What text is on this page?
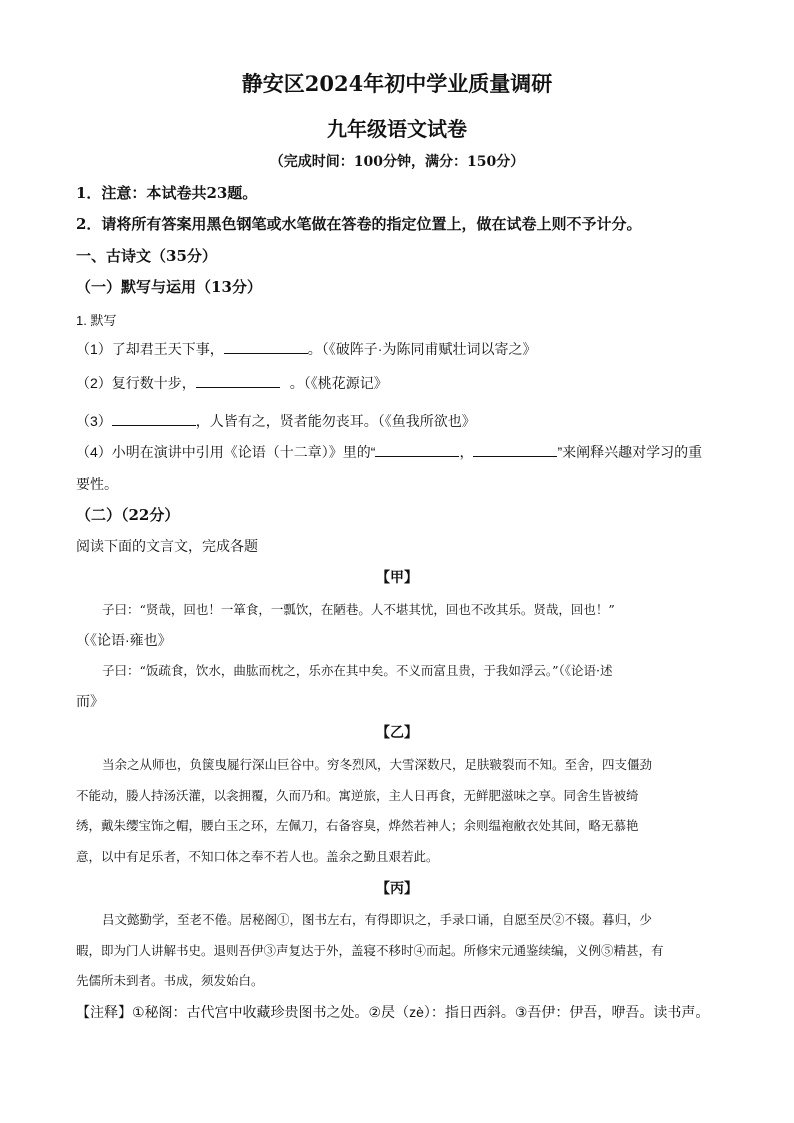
静安区2024年初中学业质量调研
九年级语文试卷
（完成时间：100分钟，满分：150分）
1．注意：本试卷共23题。
2．请将所有答案用黑色钢笔或水笔做在答卷的指定位置上，做在试卷上则不予计分。
一、古诗文（35分）
（一）默写与运用（13分）
1. 默写
（1）了却君王天下事，	。（《破阵子·为陈同甫赋壮词以寄之》
（2）复行数十步，	。（《桃花源记》
（3）	，人皆有之，贤者能勿丧耳。（《鱼我所欲也》
（4）小明在演讲中引用《论语（十二章）》里的“	，	”来阐释兴趣对学习的重
要性。
（二）（22分）
阅读下面的文言文，完成各题
【甲】
子曰：“贤哉，回也！一箪食，一瓢饮，在陋巷。人不堪其忧，回也不改其乐。贤哉，回也！”
（《论语·雍也》
子曰：“饭疏食，饮水，曲肱而枕之，乐亦在其中矣。不义而富且贵，于我如浮云。”（《论语·述
而》
【乙】
当余之从师也，负箧曳屣行深山巨谷中。穷冬烈风，大雪深数尺，足肤皲裂而不知。至舍，四支僵劲
不能动，媵人持汤沃灌，以衾拥覆，久而乃和。寓逆旅，主人日再食，无鲜肥滋味之享。同舍生皆被绮
绣，戴朱缨宝饰之帽，腰白玉之环，左佩刀，右备容臭，烨然若神人；余则缊袍敝衣处其间，略无慕艳
意，以中有足乐者，不知口体之奉不若人也。盖余之勤且艰若此。
【丙】
吕文懿勤学，至老不倦。居秘阁①，图书左右，有得即识之，手录口诵，自愿至昃②不辍。暮归，少
暇，即为门人讲解书史。退则吾伊③声复达于外，盖寝不移时④而起。所修宋元通鉴续编，义例⑤精甚，有
先儒所未到者。书成，须发始白。
【注释】①秘阁：古代宫中收藏珍贵图书之处。②昃（zè）：指日西斜。③吾伊：伊吾，咿吾。读书声。
